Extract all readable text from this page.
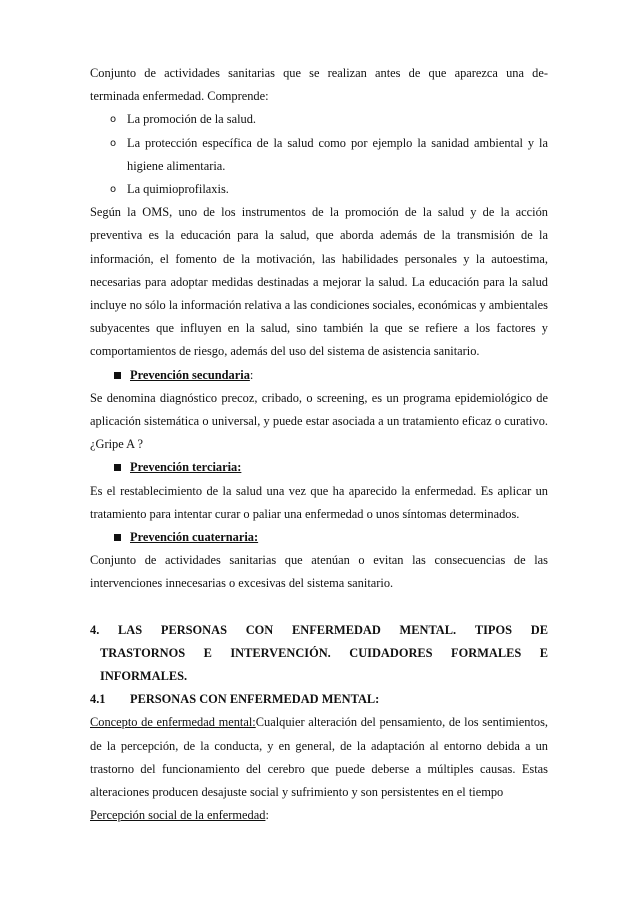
Conjunto de actividades sanitarias que se realizan antes de que aparezca una de-

terminada enfermedad. Comprende:

o La promoción de la salud.
o La protección específica de la salud como por ejemplo la sanidad ambiental y la higiene alimentaria.
o La quimioprofilaxis.

Según la OMS, uno de los instrumentos de la promoción de la salud y de la acción preventiva es la educación para la salud, que aborda además de la transmisión de la información, el fomento de la motivación, las habilidades personales y la autoestima, necesarias para adoptar medidas destinadas a mejorar la salud. La educación para la salud incluye no sólo la información relativa a las condiciones sociales, económicas y ambientales subyacentes que influyen en la salud, sino también la que se refiere a los factores y comportamientos de riesgo, además del uso del sistema de asistencia sanitario.

Prevención secundaria:

Se denomina diagnóstico precoz, cribado, o screening, es un programa epidemiológico de aplicación sistemática o universal, y puede estar asociada a un tratamiento eficaz o curativo. ¿Gripe A ?

Prevención terciaria:

Es el restablecimiento de la salud una vez que ha aparecido la enfermedad. Es aplicar un tratamiento para intentar curar o paliar una enfermedad o unos síntomas determinados.

Prevención cuaternaria:

Conjunto de actividades sanitarias que atenúan o evitan las consecuencias de las intervenciones innecesarias o excesivas del sistema sanitario.

4. LAS PERSONAS CON ENFERMEDAD MENTAL. TIPOS DE
TRASTORNOS E INTERVENCIÓN. CUIDADORES FORMALES E
INFORMALES.
4.1 PERSONAS CON ENFERMEDAD MENTAL:

Concepto de enfermedad mental:Cualquier alteración del pensamiento, de los sentimientos, de la percepción, de la conducta, y en general, de la adaptación al entorno debida a un trastorno del funcionamiento del cerebro que puede deberse a múltiples causas. Estas alteraciones producen desajuste social y sufrimiento y son persistentes en el tiempo

Percepción social de la enfermedad:
